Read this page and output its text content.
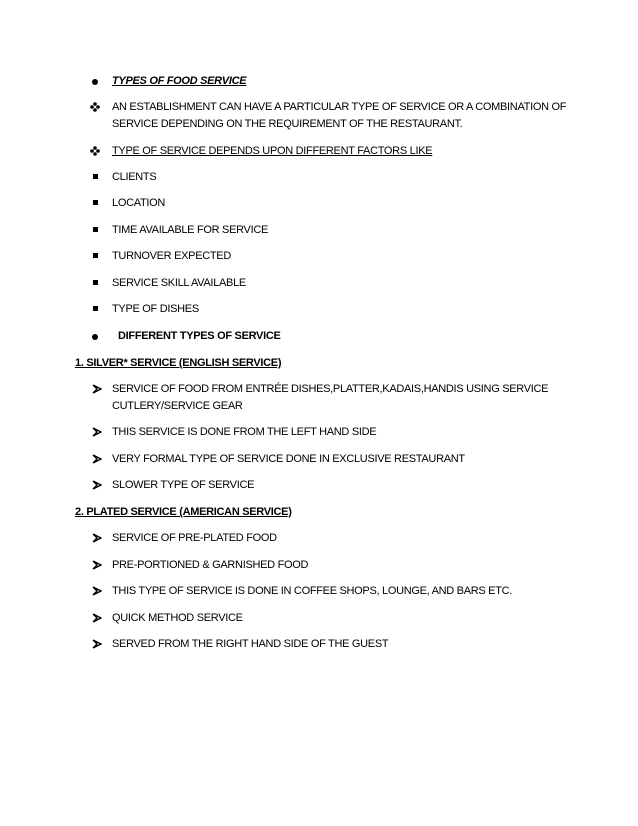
TYPES OF FOOD SERVICE
AN ESTABLISHMENT CAN HAVE A PARTICULAR TYPE OF SERVICE OR A COMBINATION OF
SERVICE DEPENDING ON THE REQUIREMENT OF THE RESTAURANT.
TYPE OF SERVICE DEPENDS UPON DIFFERENT FACTORS LIKE
CLIENTS
LOCATION
TIME AVAILABLE FOR SERVICE
TURNOVER EXPECTED
SERVICE SKILL AVAILABLE
TYPE OF DISHES
DIFFERENT TYPES OF SERVICE
1. SILVER* SERVICE (ENGLISH SERVICE)
SERVICE OF FOOD FROM ENTRÉE DISHES,PLATTER,KADAIS,HANDIS USING SERVICE
CUTLERY/SERVICE GEAR
THIS SERVICE IS DONE FROM THE LEFT HAND SIDE
VERY FORMAL TYPE OF SERVICE DONE IN EXCLUSIVE RESTAURANT
SLOWER TYPE OF SERVICE
2. PLATED SERVICE (AMERICAN SERVICE)
SERVICE OF PRE-PLATED FOOD
PRE-PORTIONED & GARNISHED FOOD
THIS TYPE OF SERVICE IS DONE IN COFFEE SHOPS, LOUNGE, AND BARS ETC.
QUICK METHOD SERVICE
SERVED FROM THE RIGHT HAND SIDE OF THE GUEST
